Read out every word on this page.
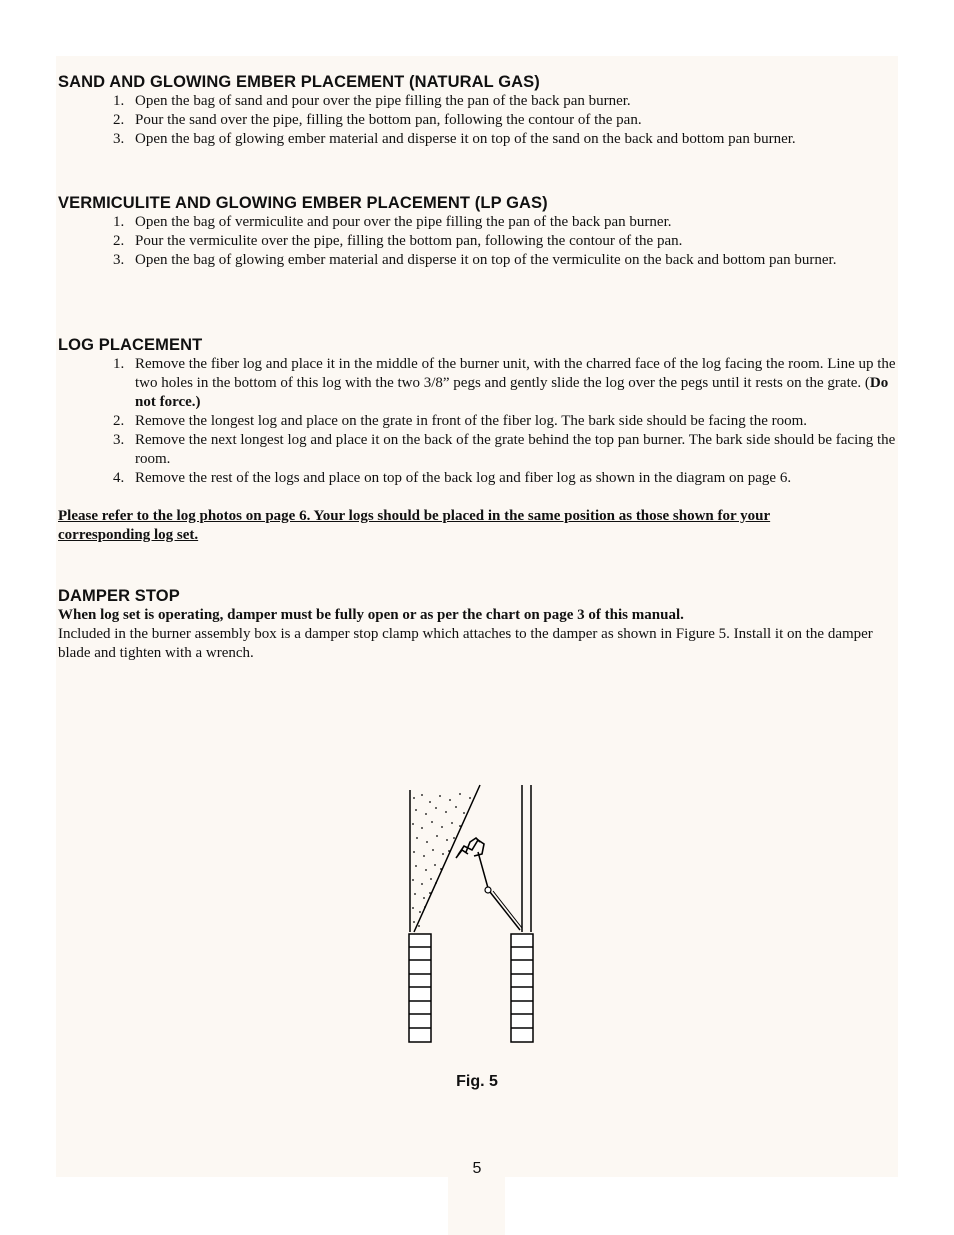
SAND AND GLOWING EMBER PLACEMENT (NATURAL GAS)
1. Open the bag of sand and pour over the pipe filling the pan of the back pan burner.
2. Pour the sand over the pipe, filling the bottom pan, following the contour of the pan.
3. Open the bag of glowing ember material and disperse it on top of the sand on the back and bottom pan burner.
VERMICULITE AND GLOWING EMBER PLACEMENT (LP GAS)
1. Open the bag of vermiculite and pour over the pipe filling the pan of the back pan burner.
2. Pour the vermiculite over the pipe, filling the bottom pan, following the contour of the pan.
3. Open the bag of glowing ember material and disperse it on top of the vermiculite on the back and bottom pan burner.
LOG PLACEMENT
1. Remove the fiber log and place it in the middle of the burner unit, with the charred face of the log facing the room. Line up the two holes in the bottom of this log with the two 3/8” pegs and gently slide the log over the pegs until it rests on the grate. (Do not force.)
2. Remove the longest log and place on the grate in front of the fiber log. The bark side should be facing the room.
3. Remove the next longest log and place it on the back of the grate behind the top pan burner. The bark side should be facing the room.
4. Remove the rest of the logs and place on top of the back log and fiber log as shown in the diagram on page 6.

Please refer to the log photos on page 6. Your logs should be placed in the same position as those shown for your corresponding log set.

DAMPER STOP

When log set is operating, damper must be fully open or as per the chart on page 3 of this manual.

Included in the burner assembly box is a damper stop clamp which attaches to the damper as shown in Figure 5. Install it on the damper blade and tighten with a wrench.

Fig. 5
5
